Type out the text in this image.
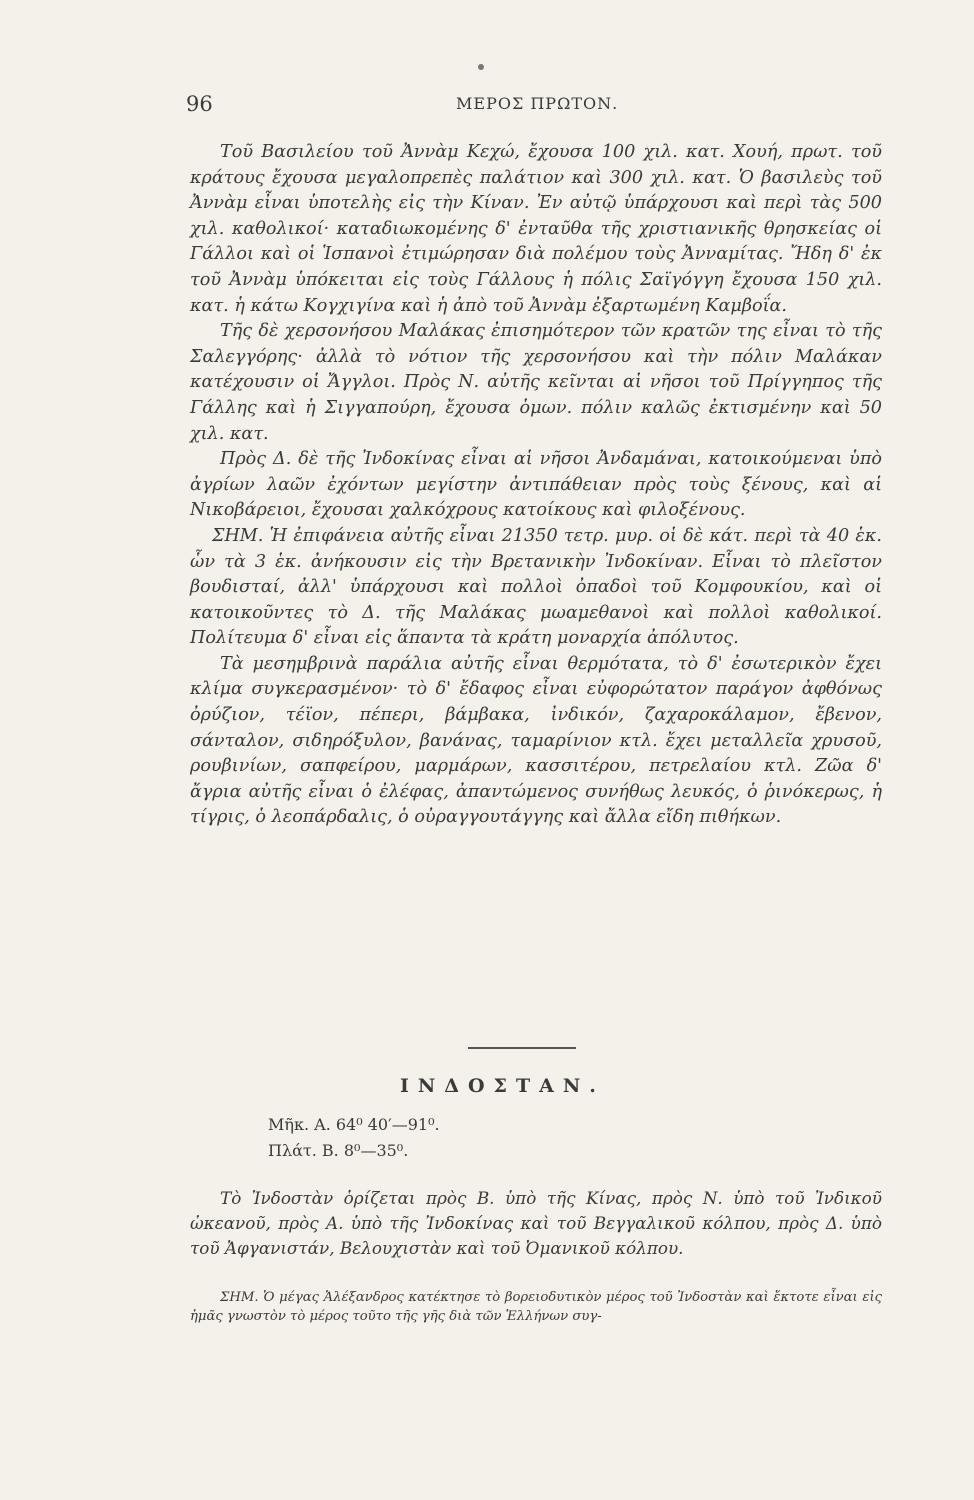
96	ΜΕΡΟΣ ΠΡΩΤΟΝ.

Τοῦ Βασιλείου τοῦ Ἀννὰμ Κεχώ, ἔχουσα 100 χιλ. κατ. Χουή, πρωτ. τοῦ κράτους ἔχουσα μεγαλοπρεπὲς παλάτιον καὶ 300 χιλ. κατ. Ὁ βασιλεὺς τοῦ Ἀννὰμ εἶναι ὑποτελὴς εἰς τὴν Κίναν. Ἐν αὐτῷ ὑπάρχουσι καὶ περὶ τὰς 500 χιλ. καθολικοί· καταδιωκομένης δ' ἐνταῦθα τῆς χριστιανικῆς θρησκείας οἱ Γάλλοι καὶ οἱ Ἱσπανοὶ ἐτιμώρησαν διὰ πολέμου τοὺς Ἀνναμίτας. Ἤδη δ' ἐκ τοῦ Ἀννὰμ ὑπόκειται εἰς τοὺς Γάλλους ἡ πόλις Σαϊγόγγη ἔχουσα 150 χιλ. κατ. ἡ κάτω Κογχιγίνα καὶ ἡ ἀπὸ τοῦ Ἀννὰμ ἐξαρτωμένη Καμβοΐα.

Τῆς δὲ χερσονήσου Μαλάκας ἐπισημότερον τῶν κρατῶν της εἶναι τὸ τῆς Σαλεγγόρης· ἀλλὰ τὸ νότιον τῆς χερσονήσου καὶ τὴν πόλιν Μαλάκαν κατέχουσιν οἱ Ἄγγλοι. Πρὸς Ν. αὐτῆς κεῖνται αἱ νῆσοι τοῦ Πρίγγηπος τῆς Γάλλης καὶ ἡ Σιγγαπούρη, ἔχουσα ὁμων. πόλιν καλῶς ἐκτισμένην καὶ 50 χιλ. κατ.

Πρὸς Δ. δὲ τῆς Ἰνδοκίνας εἶναι αἱ νῆσοι Ἀνδαμάναι, κατοικούμεναι ὑπὸ ἀγρίων λαῶν ἐχόντων μεγίστην ἀντιπάθειαν πρὸς τοὺς ξένους, καὶ αἱ Νικοβάρειοι, ἔχουσαι χαλκόχρους κατοίκους καὶ φιλοξένους.

ΣΗΜ. Ἡ ἐπιφάνεια αὐτῆς εἶναι 21350 τετρ. μυρ. οἱ δὲ κάτ. περὶ τὰ 40 ἑκ. ὧν τὰ 3 ἑκ. ἀνήκουσιν εἰς τὴν Βρετανικὴν Ἰνδοκίναν. Εἶναι τὸ πλεῖστον βουδισταί, ἀλλ' ὑπάρχουσι καὶ πολλοὶ ὀπαδοὶ τοῦ Κομφουκίου, καὶ οἱ κατοικοῦντες τὸ Δ. τῆς Μαλάκας μωαμεθανοὶ καὶ πολλοὶ καθολικοί. Πολίτευμα δ' εἶναι εἰς ἅπαντα τὰ κράτη μοναρχία ἀπόλυτος.

Τὰ μεσημβρινὰ παράλια αὐτῆς εἶναι θερμότατα, τὸ δ' ἐσωτερικὸν ἔχει κλίμα συγκερασμένον· τὸ δ' ἔδαφος εἶναι εὐφορώτατον παράγον ἀφθόνως ὀρύζιον, τέϊον, πέπερι, βάμβακα, ἰνδικόν, ζαχαροκάλαμον, ἔβενον, σάνταλον, σιδηρόξυλον, βανάνας, ταμαρίνιον κτλ. ἔχει μεταλλεῖα χρυσοῦ, ρουβινίων, σαπφείρου, μαρμάρων, κασσιτέρου, πετρελαίου κτλ. Ζῶα δ' ἄγρια αὐτῆς εἶναι ὁ ἐλέφας, ἀπαντώμενος συνήθως λευκός, ὁ ῥινόκερως, ἡ τίγρις, ὁ λεοπάρδαλις, ὁ οὐραγγουτάγγης καὶ ἄλλα εἴδη πιθήκων.

ΙΝΔΟΣΤΑΝ.
Μῆκ. Α. 64⁰ 40′—91⁰.
Πλάτ. Β. 8⁰—35⁰.

Τὸ Ἰνδοστὰν ὁρίζεται πρὸς Β. ὑπὸ τῆς Κίνας, πρὸς Ν. ὑπὸ τοῦ Ἰνδικοῦ ὠκεανοῦ, πρὸς Α. ὑπὸ τῆς Ἰνδοκίνας καὶ τοῦ Βεγγαλικοῦ κόλπου, πρὸς Δ. ὑπὸ τοῦ Ἀφγανιστάν, Βελουχιστὰν καὶ τοῦ Ὀμανικοῦ κόλπου.

ΣΗΜ. Ὁ μέγας Ἀλέξανδρος κατέκτησε τὸ βορειοδυτικὸν μέρος τοῦ Ἰνδοστὰν καὶ ἔκτοτε εἶναι εἰς ἡμᾶς γνωστὸν τὸ μέρος τοῦτο τῆς γῆς διὰ τῶν Ἑλλήνων συγ-
